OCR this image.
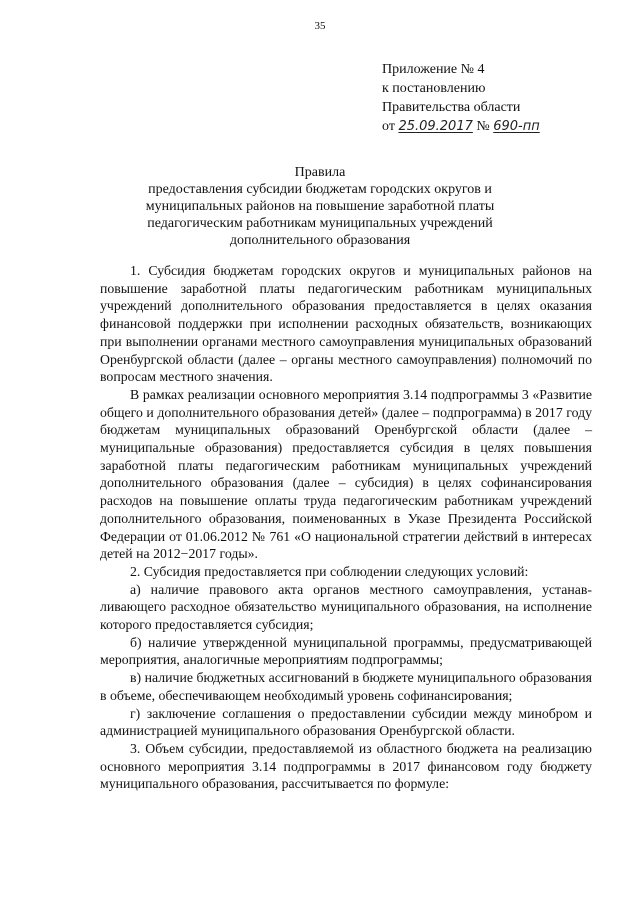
35
Приложение № 4
к постановлению
Правительства области
от 25.09.2017 № 690-пп
Правила
предоставления субсидии бюджетам городских округов и
муниципальных районов на повышение заработной платы
педагогическим работникам муниципальных учреждений
дополнительного образования

1. Субсидия бюджетам городских округов и муниципальных районов на повышение заработной платы педагогическим работникам муниципальных учреждений дополнительного образования предоставляется в целях оказания финансовой поддержки при исполнении расходных обязательств, возникающих при выполнении органами местного самоуправления муниципальных образований Оренбургской области (далее – органы местного самоуправления) полномочий по вопросам местного значения.

В рамках реализации основного мероприятия 3.14 подпрограммы 3 «Развитие общего и дополнительного образования детей» (далее – подпрограмма) в 2017 году бюджетам муниципальных образований Оренбургской области (далее – муниципальные образования) предоставляется субсидия в целях повышения заработной платы педагогическим работникам муниципальных учреждений дополнительного образования (далее – субсидия) в целях софинансирования расходов на повышение оплаты труда педагогическим работникам учреждений дополнительного образования, поименованных в Указе Президента Российской Федерации от 01.06.2012 № 761 «О национальной стратегии действий в интересах детей на 2012−2017 годы».

2. Субсидия предоставляется при соблюдении следующих условий:

а) наличие правового акта органов местного самоуправления, устанавливающего расходное обязательство муниципального образования, на исполнение которого предоставляется субсидия;

б) наличие утвержденной муниципальной программы, предусматривающей мероприятия, аналогичные мероприятиям подпрограммы;

в) наличие бюджетных ассигнований в бюджете муниципального образования в объеме, обеспечивающем необходимый уровень софинансирования;

г) заключение соглашения о предоставлении субсидии между минобром и администрацией муниципального образования Оренбургской области.

3. Объем субсидии, предоставляемой из областного бюджета на реализацию основного мероприятия 3.14 подпрограммы в 2017 финансовом году бюджету муниципального образования, рассчитывается по формуле:
